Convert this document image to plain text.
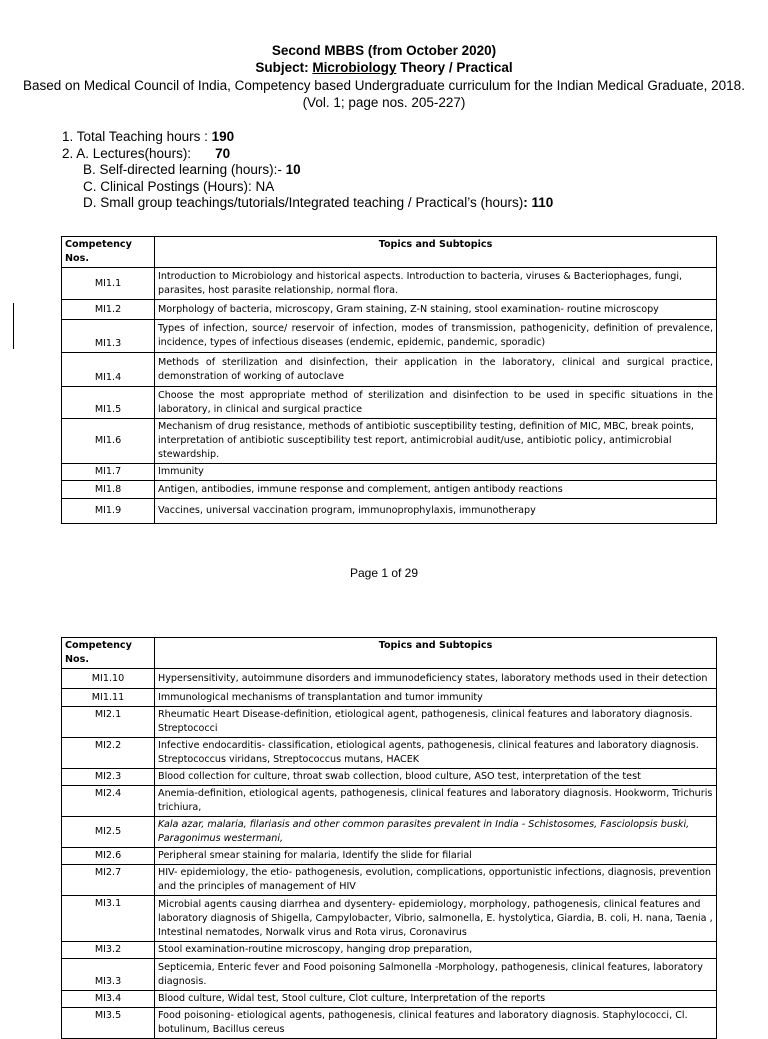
Second MBBS (from October 2020)
Subject: Microbiology Theory / Practical
Based on Medical Council of India, Competency based Undergraduate curriculum for the Indian Medical Graduate, 2018. (Vol. 1; page nos. 205-227)
1. Total Teaching hours : 190
2. A. Lectures(hours): 70
B. Self-directed learning (hours):- 10
C. Clinical Postings (Hours): NA
D. Small group teachings/tutorials/Integrated teaching / Practical’s (hours): 110
Competency Nos.	Topics and Subtopics
MI1.1	Introduction to Microbiology and historical aspects. Introduction to bacteria, viruses & Bacteriophages, fungi, parasites, host parasite relationship, normal flora.
MI1.2	Morphology of bacteria, microscopy, Gram staining, Z-N staining, stool examination- routine microscopy
MI1.3	Types of infection, source/ reservoir of infection, modes of transmission, pathogenicity, definition of prevalence, incidence, types of infectious diseases (endemic, epidemic, pandemic, sporadic)
MI1.4	Methods of sterilization and disinfection, their application in the laboratory, clinical and surgical practice, demonstration of working of autoclave
MI1.5	Choose the most appropriate method of sterilization and disinfection to be used in specific situations in the laboratory, in clinical and surgical practice
MI1.6	Mechanism of drug resistance, methods of antibiotic susceptibility testing, definition of MIC, MBC, break points, interpretation of antibiotic susceptibility test report, antimicrobial audit/use, antibiotic policy, antimicrobial stewardship.
MI1.7	Immunity
MI1.8	Antigen, antibodies, immune response and complement, antigen antibody reactions
MI1.9	Vaccines, universal vaccination program, immunoprophylaxis, immunotherapy
Page 1 of 29
Competency Nos.	Topics and Subtopics
MI1.10	Hypersensitivity, autoimmune disorders and immunodeficiency states, laboratory methods used in their detection
MI1.11	Immunological mechanisms of transplantation and tumor immunity
MI2.1	Rheumatic Heart Disease-definition, etiological agent, pathogenesis, clinical features and laboratory diagnosis. Streptococci
MI2.2	Infective endocarditis- classification, etiological agents, pathogenesis, clinical features and laboratory diagnosis. Streptococcus viridans, Streptococcus mutans, HACEK
MI2.3	Blood collection for culture, throat swab collection, blood culture, ASO test, interpretation of the test
MI2.4	Anemia-definition, etiological agents, pathogenesis, clinical features and laboratory diagnosis. Hookworm, Trichuris trichiura,
MI2.5	Kala azar, malaria, filariasis and other common parasites prevalent in India - Schistosomes, Fasciolopsis buski, Paragonimus westermani,
MI2.6	Peripheral smear staining for malaria, Identify the slide for filarial
MI2.7	HIV- epidemiology, the etio- pathogenesis, evolution, complications, opportunistic infections, diagnosis, prevention and the principles of management of HIV
MI3.1	Microbial agents causing diarrhea and dysentery- epidemiology, morphology, pathogenesis, clinical features and laboratory diagnosis of Shigella, Campylobacter, Vibrio, salmonella, E. hystolytica, Giardia, B. coli, H. nana, Taenia , Intestinal nematodes, Norwalk virus and Rota virus, Coronavirus
MI3.2	Stool examination-routine microscopy, hanging drop preparation,
MI3.3	Septicemia, Enteric fever and Food poisoning Salmonella -Morphology, pathogenesis, clinical features, laboratory diagnosis.
MI3.4	Blood culture, Widal test, Stool culture, Clot culture, Interpretation of the reports
MI3.5	Food poisoning- etiological agents, pathogenesis, clinical features and laboratory diagnosis. Staphylococci, Cl. botulinum, Bacillus cereus
